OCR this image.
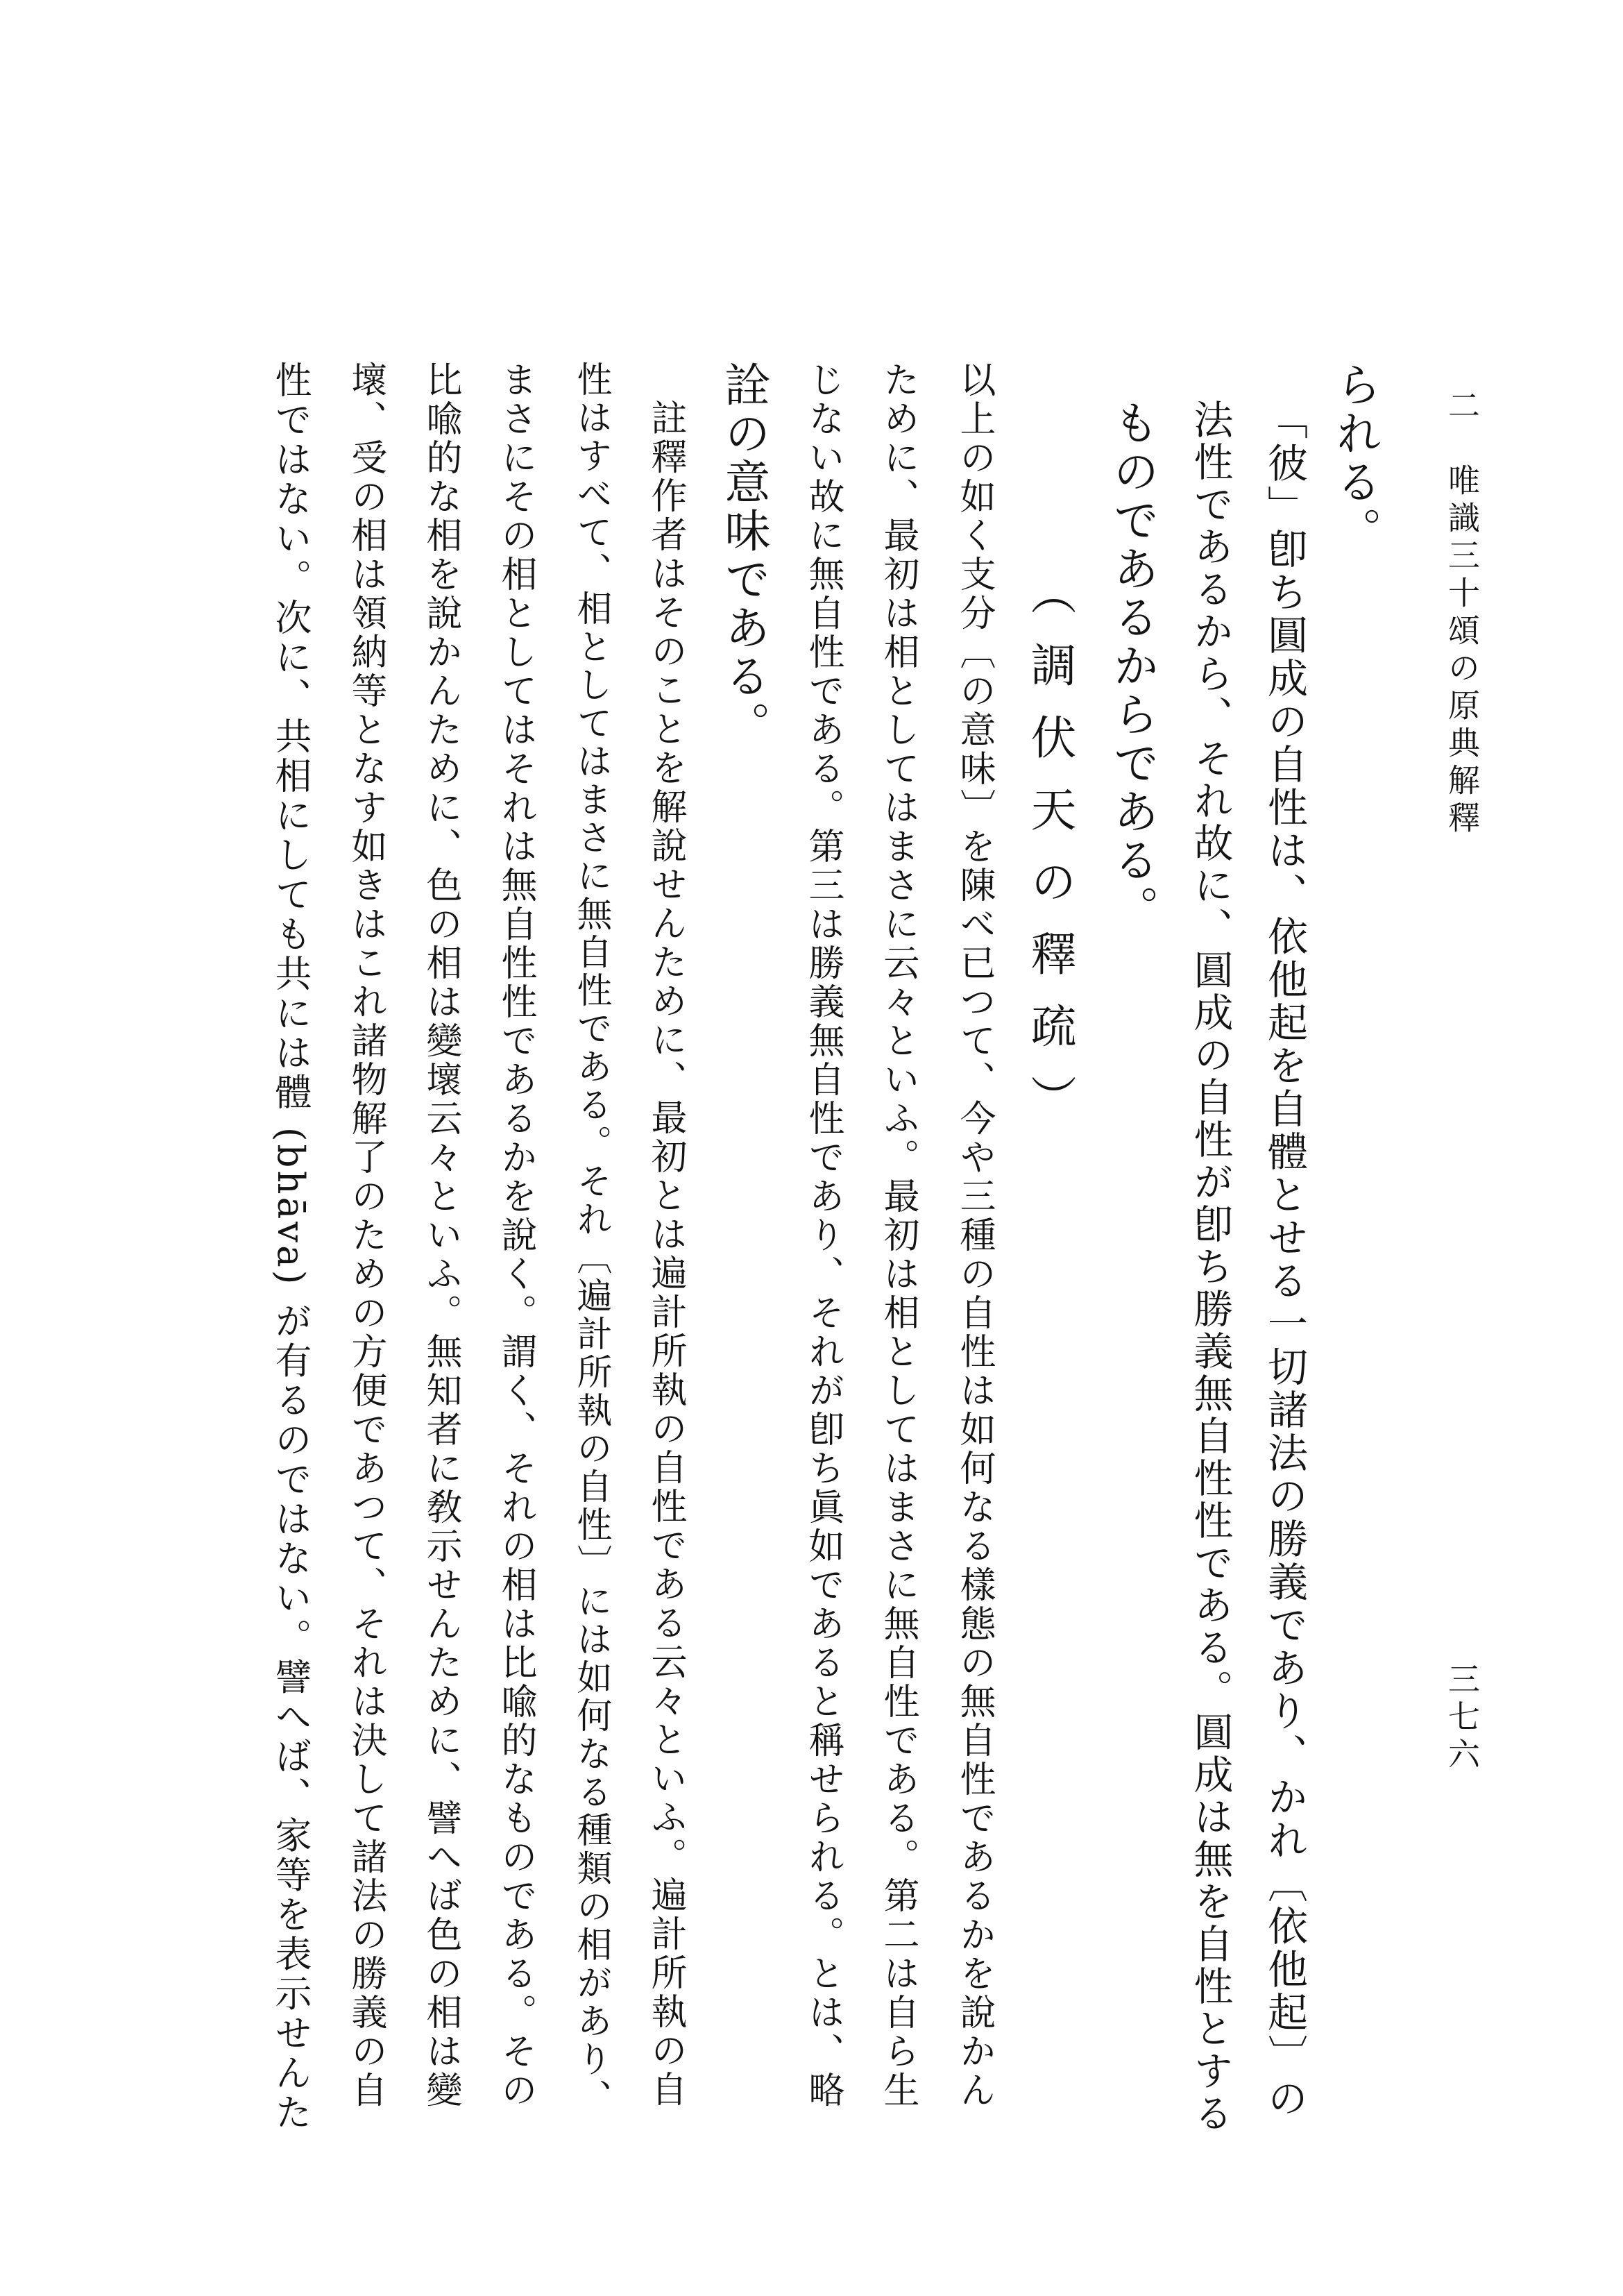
二　唯識三十頌の原典解釋
三七六
られる。
「彼」卽ち圓成の自性は、依他起を自體とせる一切諸法の勝義であり、かれ〔依他起〕の
法性であるから、それ故に、圓成の自性が卽ち勝義無自性性である。圓成は無を自性とする
ものであるからである。
（調伏天の釋疏）
以上の如く支分〔の意味〕を陳べ已つて、今や三種の自性は如何なる樣態の無自性であるかを說かん
ために、最初は相としてはまさに云々といふ。最初は相としてはまさに無自性である。第二は自ら生
じない故に無自性である。第三は勝義無自性であり、それが卽ち眞如であると稱せられる。とは、略
詮の意味である。
註釋作者はそのことを解說せんために、最初とは遍計所執の自性である云々といふ。遍計所執の自
性はすべて、相としてはまさに無自性である。それ〔遍計所執の自性〕には如何なる種類の相があり、
まさにその相としてはそれは無自性性であるかを說く。謂く、それの相は比喩的なものである。その
比喩的な相を說かんために、色の相は變壞云々といふ。無知者に敎示せんために、譬へば色の相は變
壞、受の相は領納等となす如きはこれ諸物解了のための方便であつて、それは決して諸法の勝義の自
性ではない。次に、共相にしても共には體 (bhāva) が有るのではない。譬へば、家等を表示せんた
